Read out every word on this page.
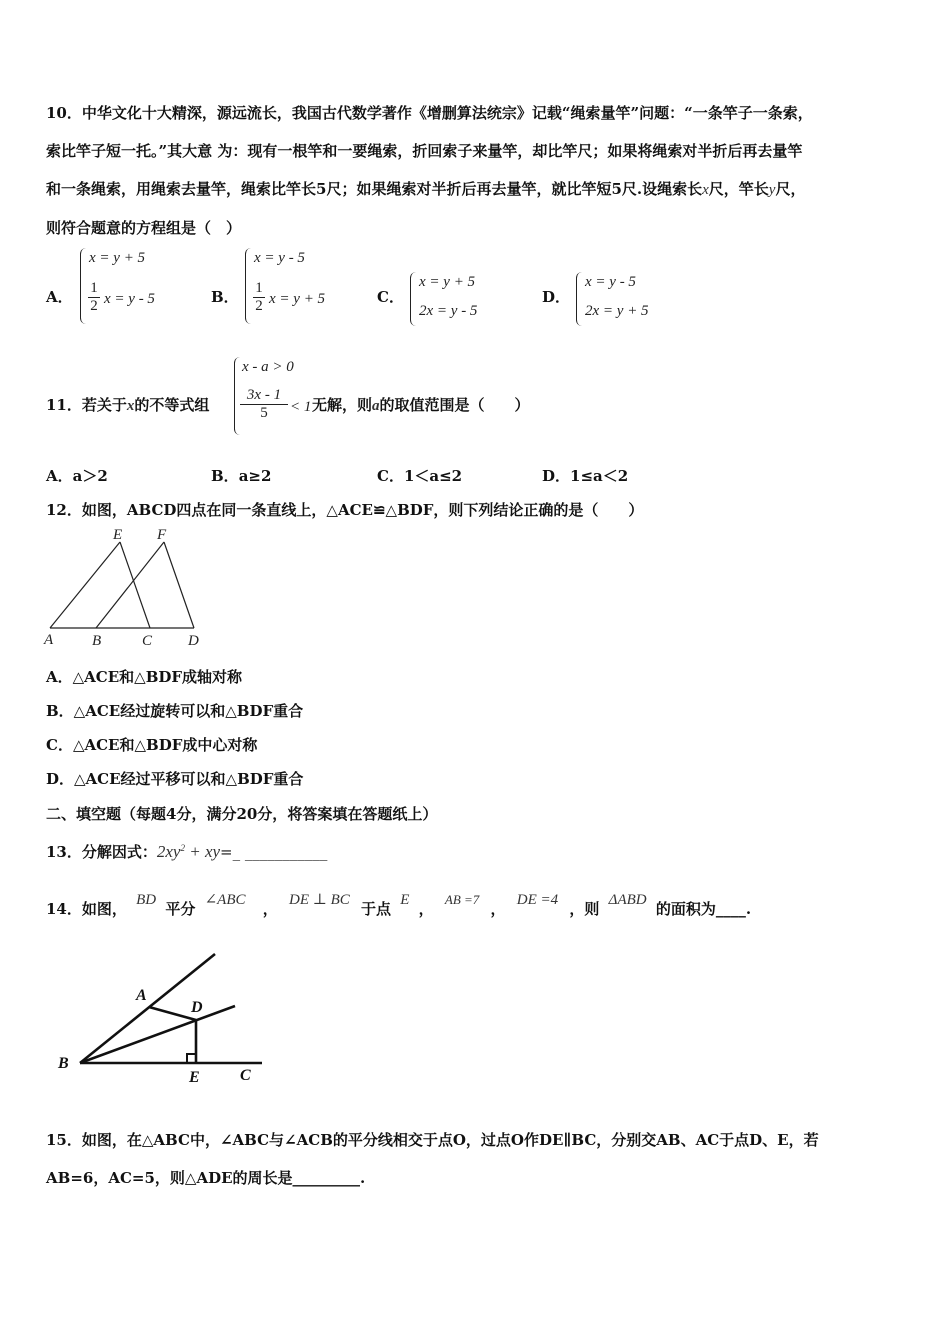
10．中华文化十大精深，源远流长，我国古代数学著作《增删算法统宗》记载“绳索量竿”问题：“一条竿子一条索，
索比竿子短一托。”其大意 为：现有一根竿和一要绳索，折回索子来量竿，却比竿尺；如果将绳索对半折后再去量竿
和一条绳索，用绳索去量竿，绳索比竿长5尺；如果绳索对半折后再去量竿，就比竿短5尺.设绳索长x尺，竿长y尺，
则符合题意的方程组是（　）
A．
x = y + 5
$\frac{1}{2}$ x = y - 5	B．
x = y - 5
$\frac{1}{2}$ x = y + 5	C．
x = y + 5
2x = y - 5
D．
x = y - 5
2x = y + 5
11．若关于x的不等式组
x - a > 0
$\frac{3x - 1}{5} < 1$ 无解，则a的取值范围是（　　）
A．a＞2	B．a≥2	C．1＜a≤2	D．1≤a＜2
12．如图，ABCD四点在同一条直线上，△ACE≌△BDF，则下列结论正确的是（　　）
E F
A	B	C D
A．△ACE和△BDF成轴对称
B．△ACE经过旋转可以和△BDF重合
C．△ACE和△BDF成中心对称
D．△ACE经过平移可以和△BDF重合
二、填空题（每题4分，满分20分，将答案填在答题纸上）
13．分解因式：$2xy^2$ + xy=_ ___________
14．如图， BD 平分 ∠ABC ， DE ⊥ BC 于点 E ， AB =7 ， DE =4 ，则 ΔABD 的面积为____.
A
D
B
E	C
15．如图，在△ABC中，∠ABC与∠ACB的平分线相交于点O，过点O作DE∥BC，分别交AB、AC于点D、E，若
AB=6，AC=5，则△ADE的周长是_________.
